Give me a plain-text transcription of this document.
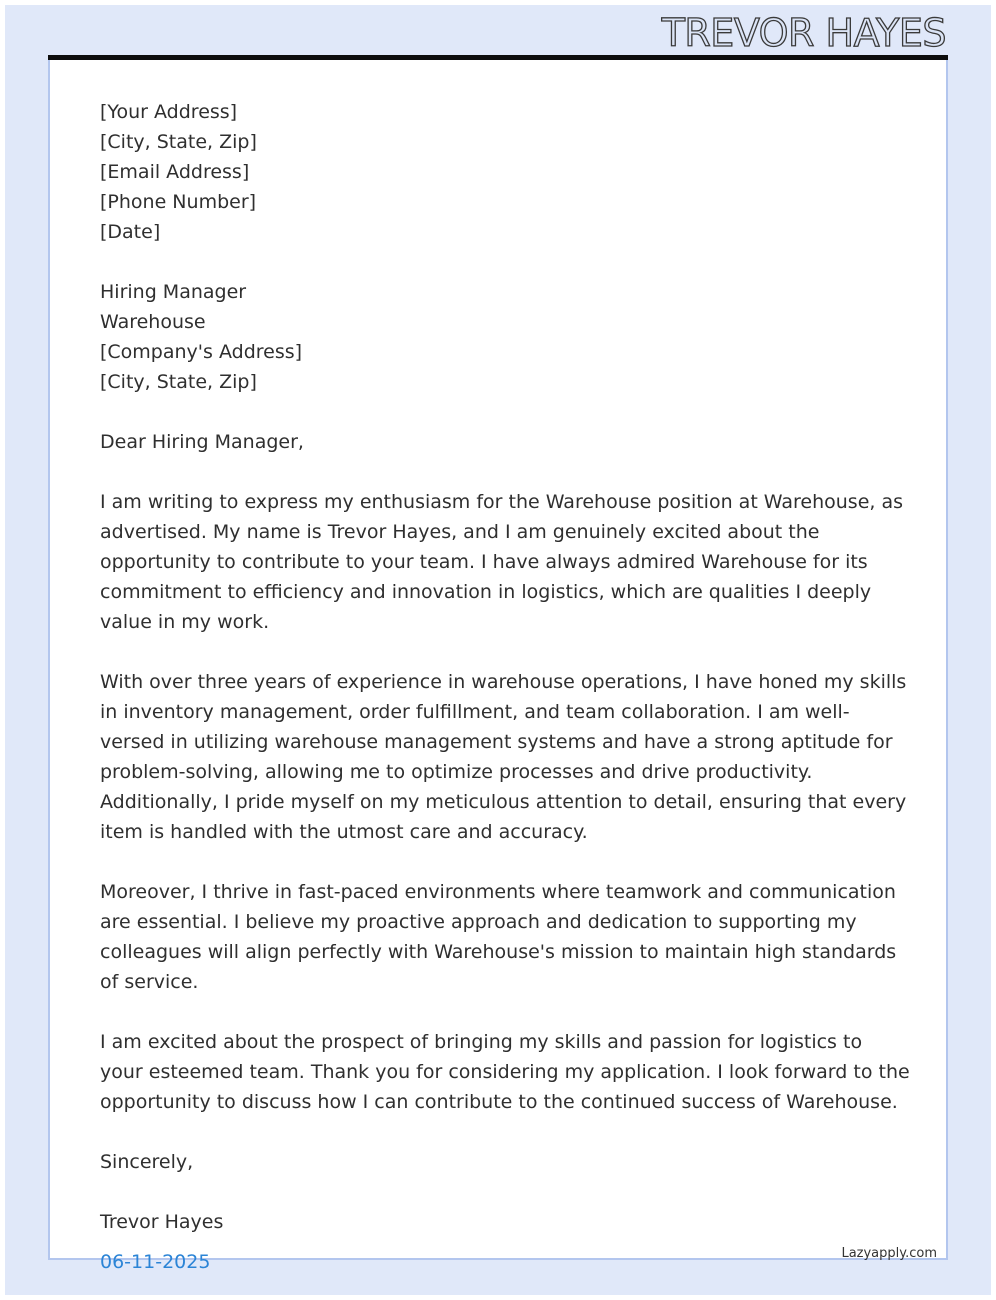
TREVOR HAYES
[Your Address]
[City, State, Zip]
[Email Address]
[Phone Number]
[Date]
Hiring Manager
Warehouse
[Company's Address]
[City, State, Zip]
Dear Hiring Manager,
I am writing to express my enthusiasm for the Warehouse position at Warehouse, as advertised. My name is Trevor Hayes, and I am genuinely excited about the opportunity to contribute to your team. I have always admired Warehouse for its commitment to efficiency and innovation in logistics, which are qualities I deeply value in my work.
With over three years of experience in warehouse operations, I have honed my skills in inventory management, order fulfillment, and team collaboration. I am well-versed in utilizing warehouse management systems and have a strong aptitude for problem-solving, allowing me to optimize processes and drive productivity. Additionally, I pride myself on my meticulous attention to detail, ensuring that every item is handled with the utmost care and accuracy.
Moreover, I thrive in fast-paced environments where teamwork and communication are essential. I believe my proactive approach and dedication to supporting my colleagues will align perfectly with Warehouse's mission to maintain high standards of service.
I am excited about the prospect of bringing my skills and passion for logistics to your esteemed team. Thank you for considering my application. I look forward to the opportunity to discuss how I can contribute to the continued success of Warehouse.
Sincerely,
Trevor Hayes
06-11-2025	Lazyapply.com
